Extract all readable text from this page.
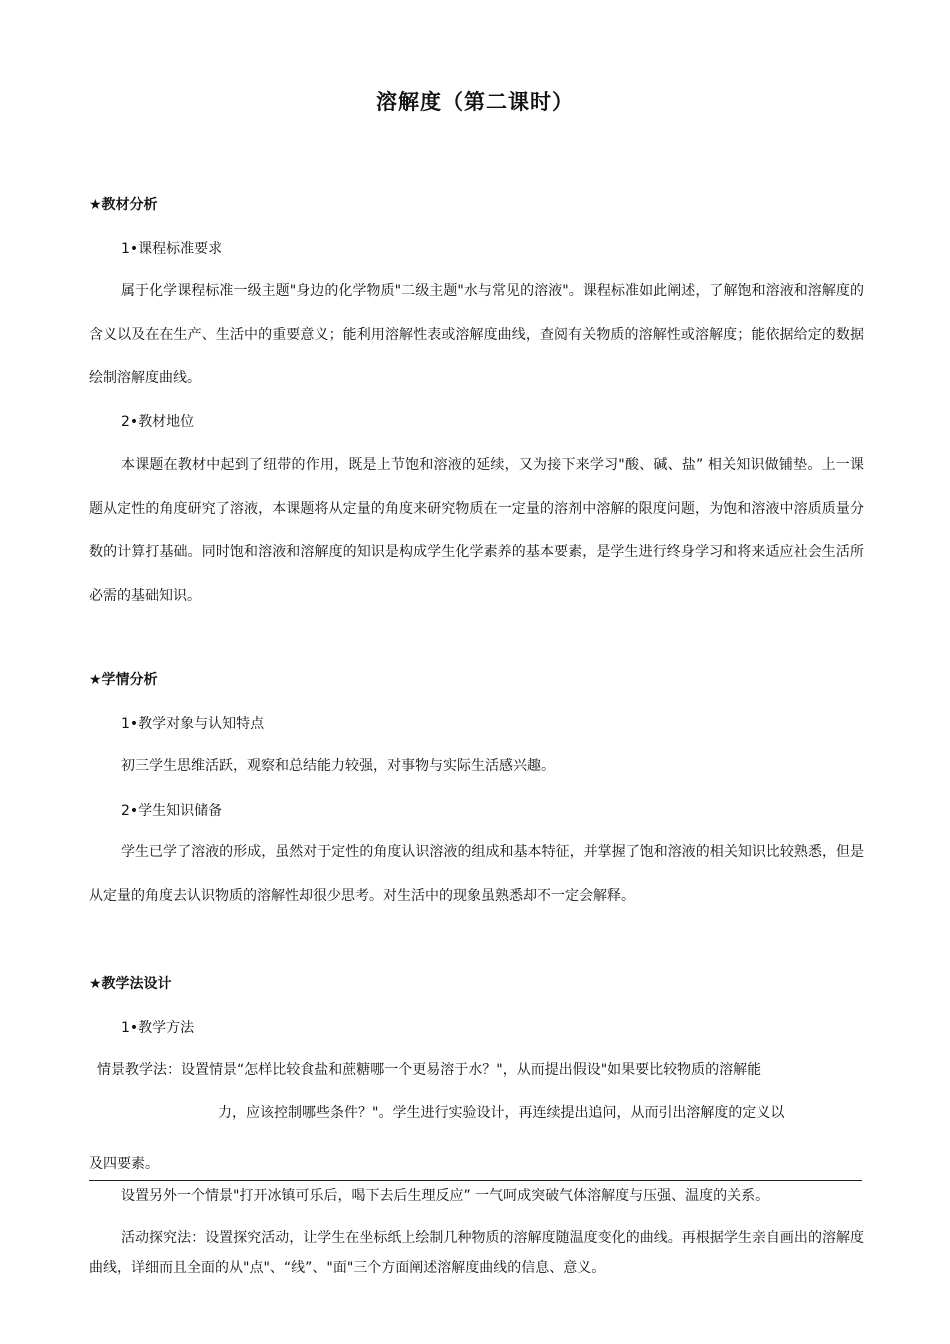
溶解度（第二课时）
★教材分析
1•课程标准要求
属于化学课程标准一级主题"身边的化学物质"二级主题"水与常见的溶液"。课程标准如此阐述，了解饱和溶液和溶解度的含义以及在在生产、生活中的重要意义；能利用溶解性表或溶解度曲线，查阅有关物质的溶解性或溶解度；能依据给定的数据绘制溶解度曲线。
2•教材地位
本课题在教材中起到了纽带的作用，既是上节饱和溶液的延续，又为接下来学习"酸、碱、盐” 相关知识做铺垫。上一课题从定性的角度研究了溶液，本课题将从定量的角度来研究物质在一定量的溶剂中溶解的限度问题，为饱和溶液中溶质质量分数的计算打基础。同时饱和溶液和溶解度的知识是构成学生化学素养的基本要素，是学生进行终身学习和将来适应社会生活所必需的基础知识。
★学情分析
1•教学对象与认知特点
初三学生思维活跃，观察和总结能力较强，对事物与实际生活感兴趣。
2•学生知识储备
学生已学了溶液的形成，虽然对于定性的角度认识溶液的组成和基本特征，并掌握了饱和溶液的相关知识比较熟悉，但是从定量的角度去认识物质的溶解性却很少思考。对生活中的现象虽熟悉却不一定会解释。
★教学法设计
1•教学方法
情景教学法：设置情景“怎样比较食盐和蔗糖哪一个更易溶于水？"，从而提出假设"如果要比较物质的溶解能
力，应该控制哪些条件？"。学生进行实验设计，再连续提出追问，从而引出溶解度的定义以
及四要素。
设置另外一个情景"打开冰镇可乐后，喝下去后生理反应” 一气呵成突破气体溶解度与压强、温度的关系。
活动探究法：设置探究活动，让学生在坐标纸上绘制几种物质的溶解度随温度变化的曲线。再根据学生亲自画出的溶解度曲线，详细而且全面的从"点"、“线”、"面"三个方面阐述溶解度曲线的信息、意义。
